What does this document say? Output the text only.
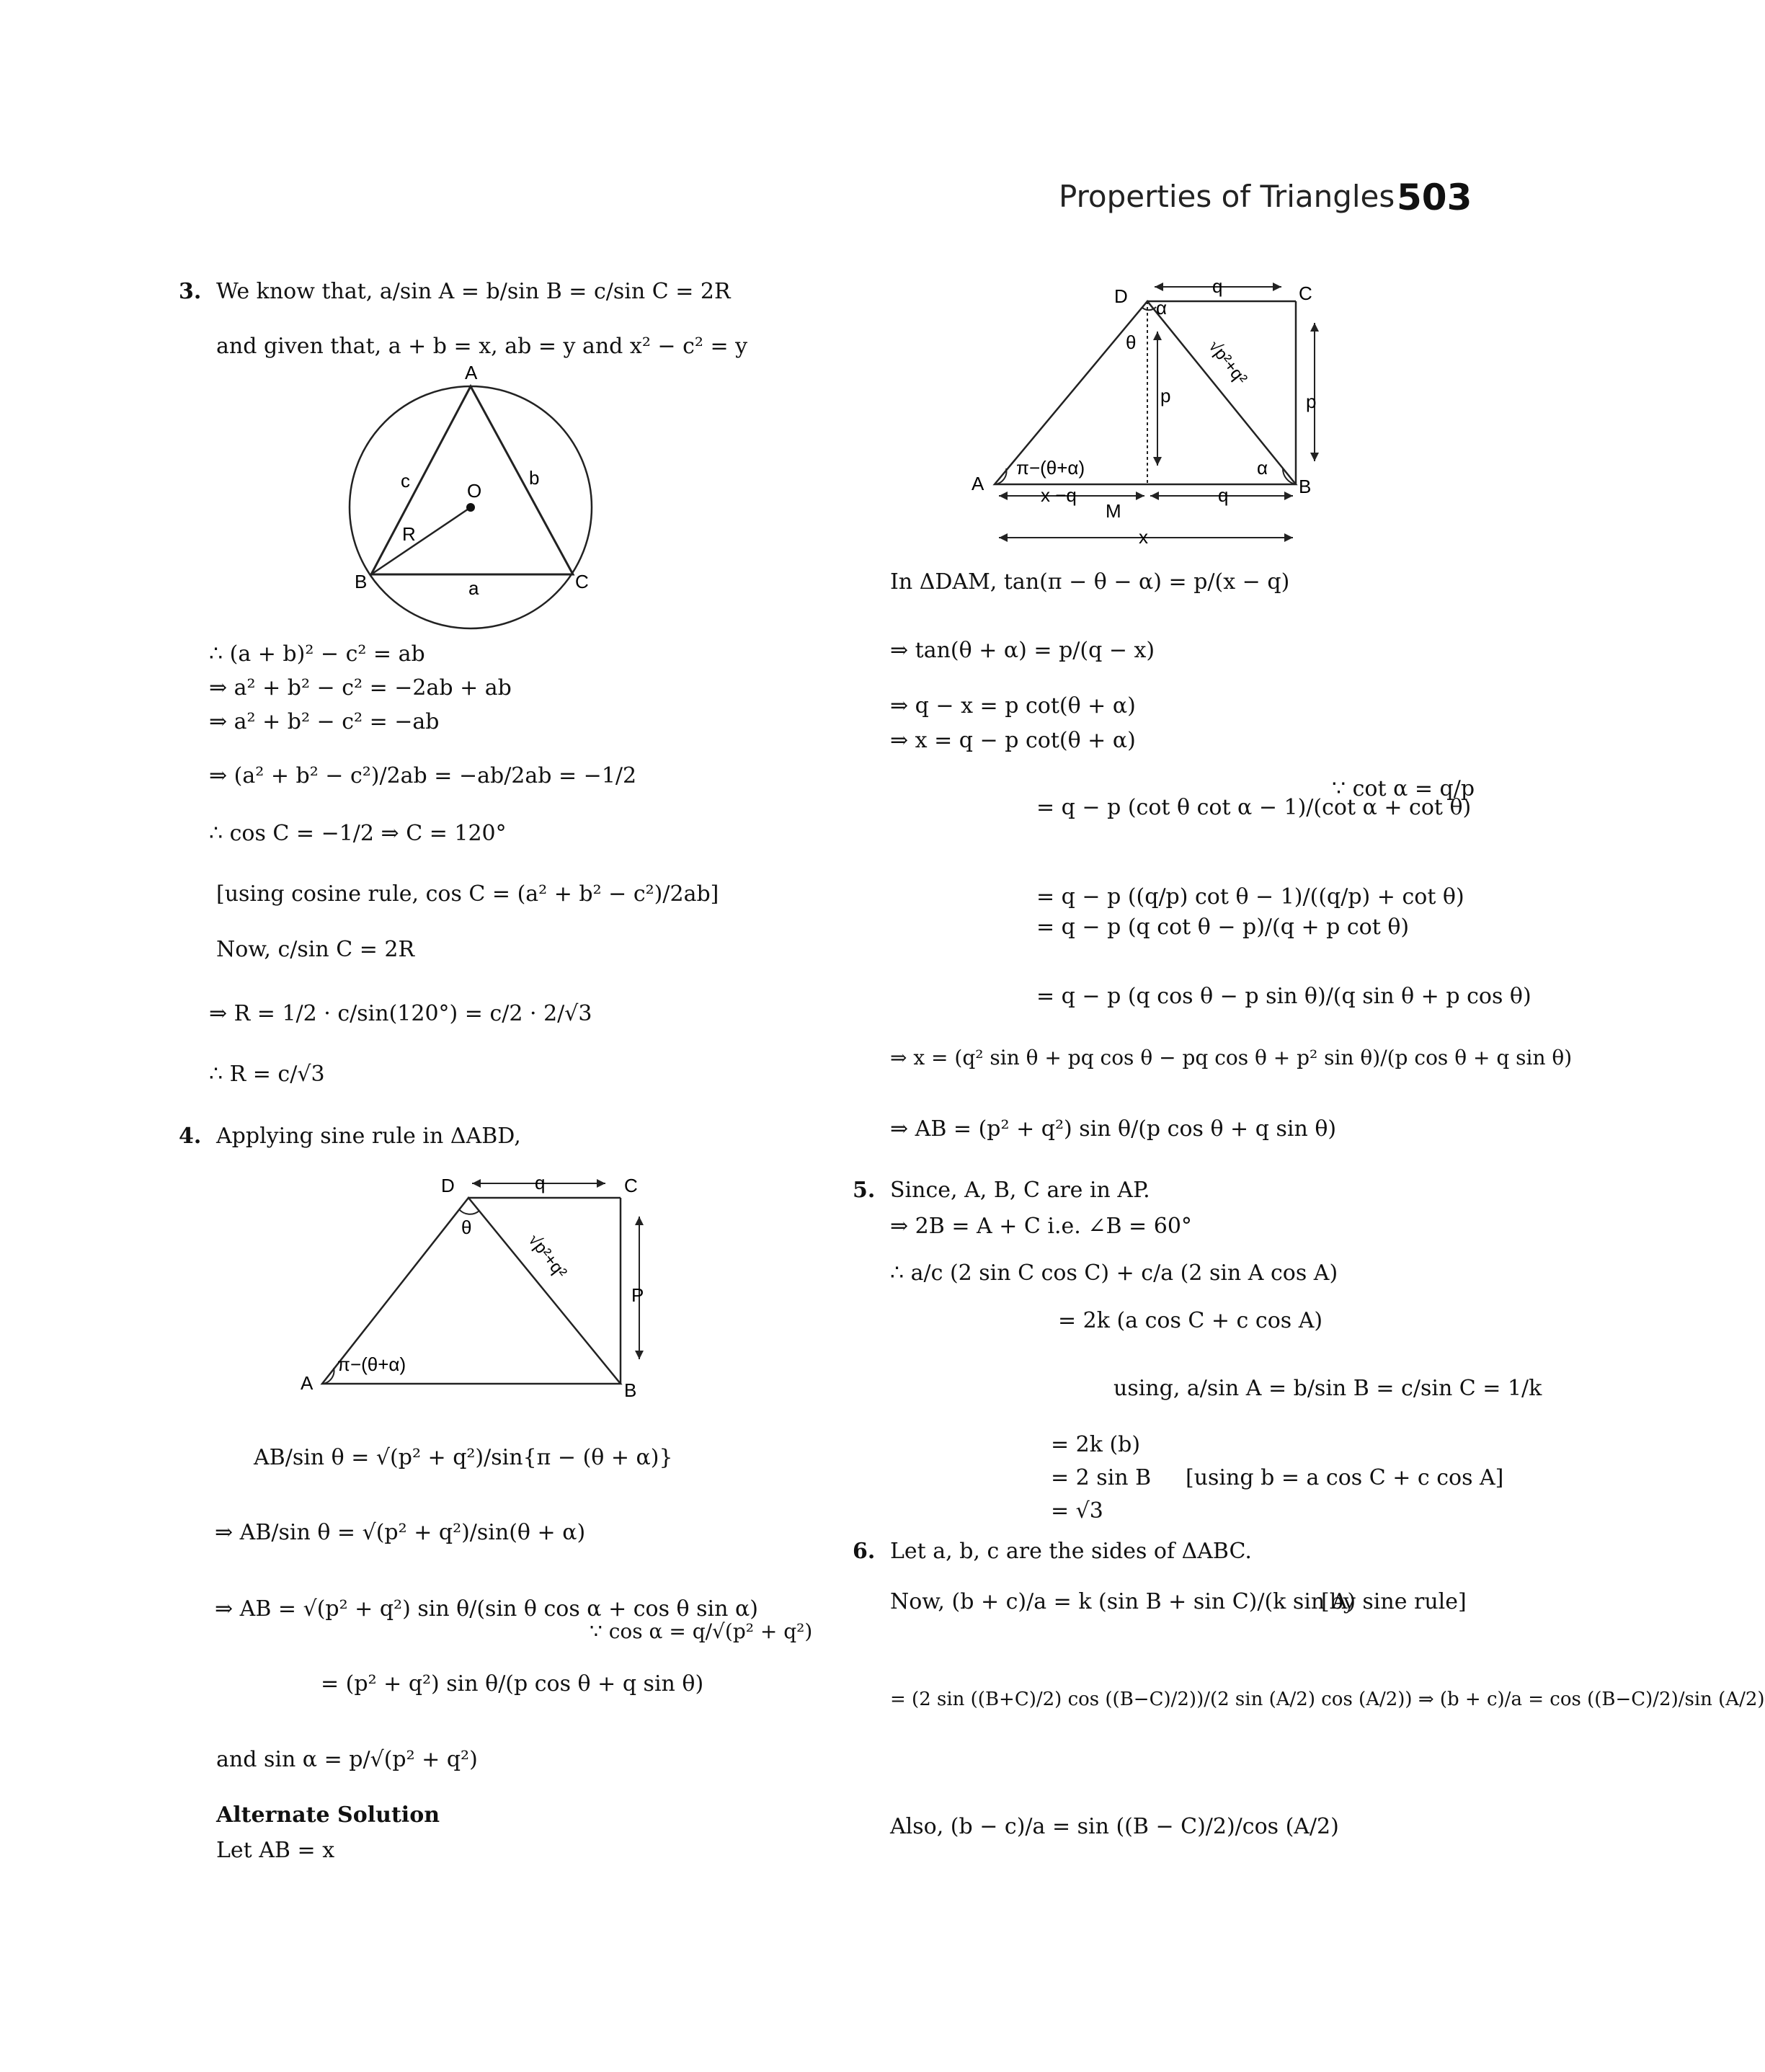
Properties of Triangles 503
3. We know that, a/sin A = b/sin B = c/sin C = 2R
and given that, a + b = x, ab = y and x² − c² = y
A
B	C
O
R
a
b
c
∴ (a + b)² − c² = ab
⇒ a² + b² − c² = −2ab + ab
⇒ a² + b² − c² = −ab
⇒ (a² + b² − c²)/2ab = −ab/2ab = −1/2
∴ cos C = −1/2 ⇒ C = 120°
[using cosine rule, cos C = (a² + b² − c²)/2ab]
Now, c/sin C = 2R
⇒ R = 1/2 · c/sin(120°) = c/2 · 2/√3
∴ R = c/√3
4. Applying sine rule in ΔABD,
D	C
A	B
q
P
θ
π−(θ+α)
√p²+q²
AB/sin θ = √(p² + q²)/sin{π − (θ + α)}
⇒ AB/sin θ = √(p² + q²)/sin(θ + α)
⇒ AB = √(p² + q²) sin θ/(sin θ cos α + cos θ sin α)
∵ cos α = q/√(p² + q²)
= (p² + q²) sin θ/(p cos θ + q sin θ)
and sin α = p/√(p² + q²)
Alternate Solution
Let AB = x
D	C
A	B
M
q
q
p
p
θ
α
α
π−(θ+α)
x −q
x
√p²+q²
In ΔDAM, tan(π − θ − α) = p/(x − q)
⇒ tan(θ + α) = p/(q − x)
⇒ q − x = p cot(θ + α)
⇒ x = q − p cot(θ + α)
= q − p (cot θ cot α − 1)/(cot α + cot θ)
∵ cot α = q/p
= q − p ((q/p) cot θ − 1)/((q/p) + cot θ)
= q − p (q cot θ − p)/(q + p cot θ)
= q − p (q cos θ − p sin θ)/(q sin θ + p cos θ)
⇒ x = (q² sin θ + pq cos θ − pq cos θ + p² sin θ)/(p cos θ + q sin θ)
⇒ AB = (p² + q²) sin θ/(p cos θ + q sin θ)
5. Since, A, B, C are in AP.
⇒ 2B = A + C i.e. ∠B = 60°
∴ a/c (2 sin C cos C) + c/a (2 sin A cos A)
= 2k (a cos C + c cos A)
using, a/sin A = b/sin B = c/sin C = 1/k
= 2k (b)
= 2 sin B [using b = a cos C + c cos A]
= √3
6. Let a, b, c are the sides of ΔABC.
Now, (b + c)/a = k (sin B + sin C)/(k sin A)
[by sine rule]
= (2 sin ((B+C)/2) cos ((B−C)/2))/(2 sin (A/2) cos (A/2)) ⇒ (b + c)/a = cos ((B−C)/2)/sin (A/2)
Also, (b − c)/a = sin ((B − C)/2)/cos (A/2)
